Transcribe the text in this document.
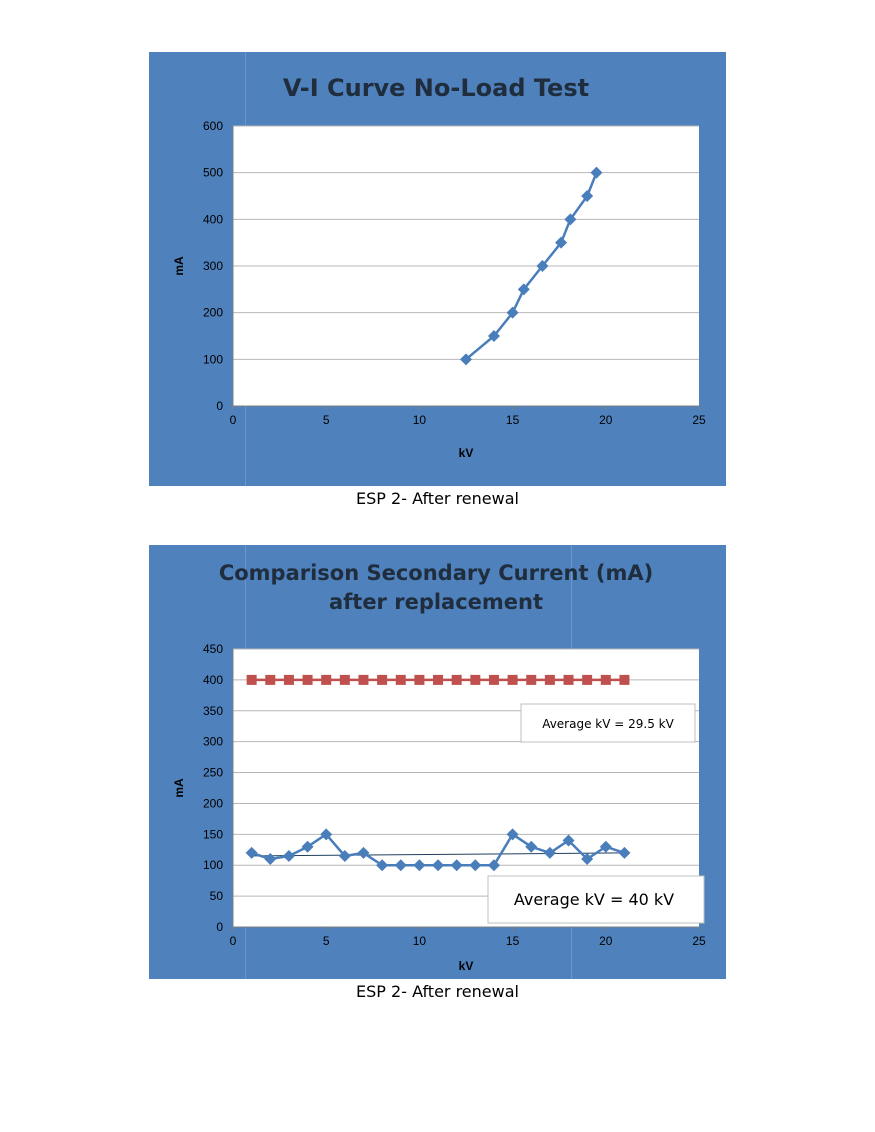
V-I Curve No-Load Test
0
100
200
300
400
500
600
0	5	10	15	20	25
kV
mA
ESP 2- After renewal
Comparison Secondary Current (mA)
after replacement
0
50
100
150
200
250
300
350
400
450
0	5	10	15	20	25
Average kV = 29.5 kV
Average kV = 40 kV
kV
mA
ESP 2- After renewal
